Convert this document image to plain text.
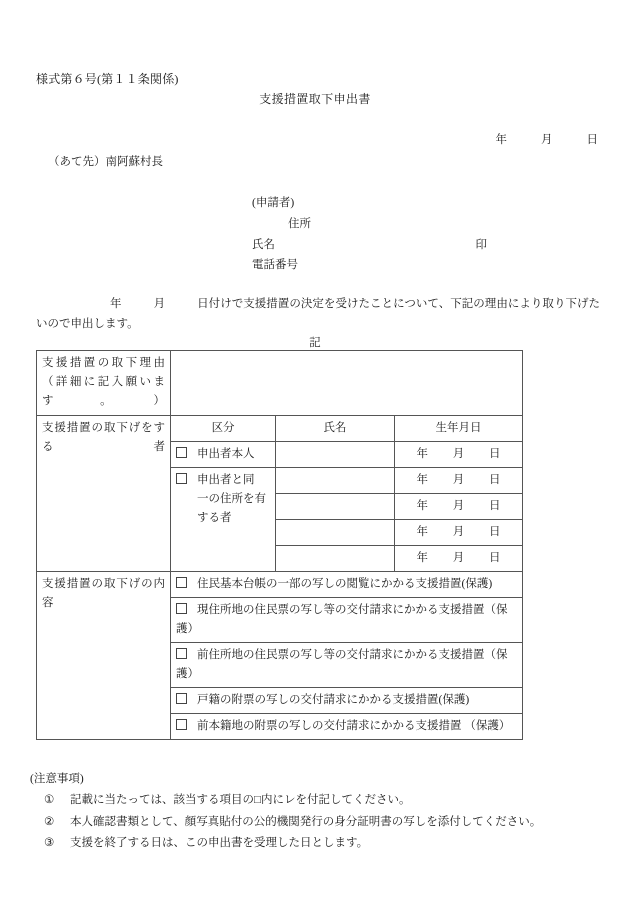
様式第６号(第１１条関係)
支援措置取下申出書
年	月	日
（あて先）南阿蘇村長
(申請者)
住所
氏名	印
電話番号
年	月	日付けで支援措置の決定を受けたことについて、下記の理由により取り下げたいので申出します。
記
支援措置の取下理由（詳細に記入願います。）			

支援措置の取下げをする者	区分	氏名	生年月日

	申出者本人		年 月 日

	申出者と同
一の住所を有
する者		年 月 日
			年 月 日
			年 月 日
			年 月 日

支援措置の取下げの内容	住民基本台帳の一部の写しの閲覧にかかる支援措置(保護)		
	現住所地の住民票の写し等の交付請求にかかる支援措置（保護）		
	前住所地の住民票の写し等の交付請求にかかる支援措置（保護）		
	戸籍の附票の写しの交付請求にかかる支援措置(保護)		
	前本籍地の附票の写しの交付請求にかかる支援措置 （保護）		
(注意事項)
①	記載に当たっては、該当する項目の□内にレを付記してください。
②	本人確認書類として、顔写真貼付の公的機関発行の身分証明書の写しを添付してください。
③	支援を終了する日は、この申出書を受理した日とします。
